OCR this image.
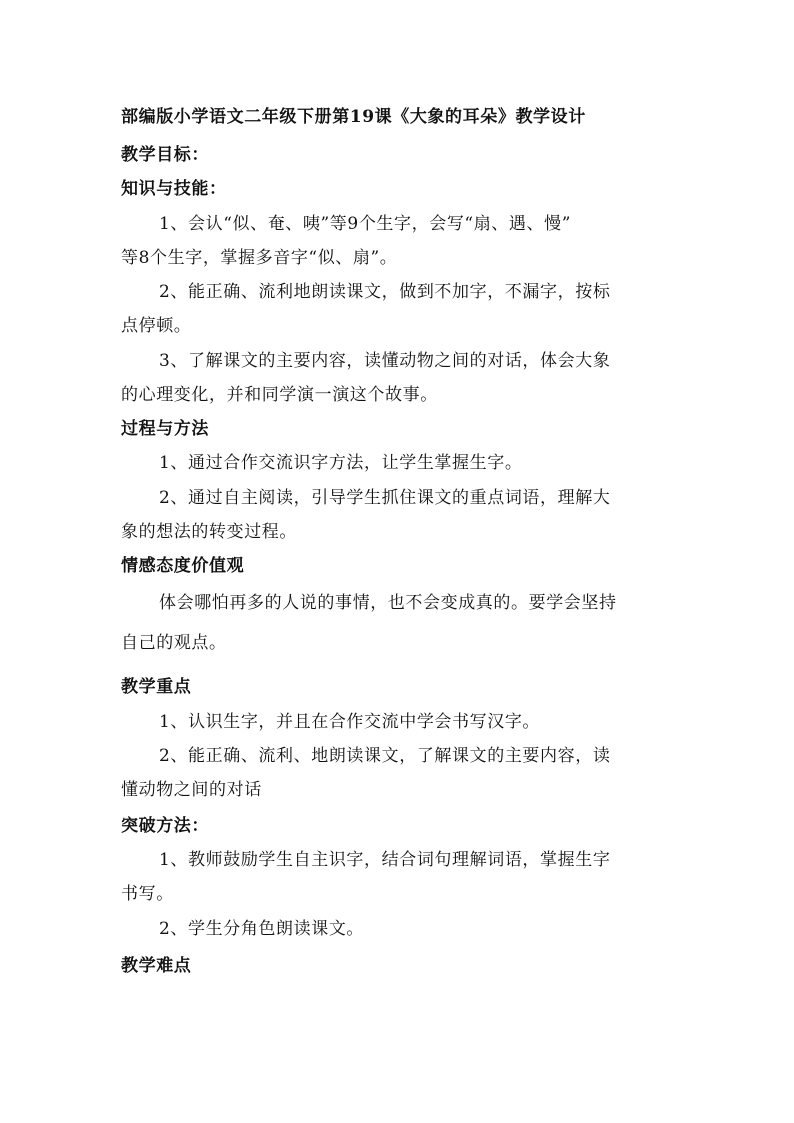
部编版小学语文二年级下册第19课《大象的耳朵》教学设计
教学目标：
知识与技能：
1、会认“似、奄、咦”等9个生字，会写“扇、遇、慢”
等8个生字，掌握多音字“似、扇”。
2、能正确、流利地朗读课文，做到不加字，不漏字，按标
点停顿。
3、了解课文的主要内容，读懂动物之间的对话，体会大象
的心理变化，并和同学演一演这个故事。
过程与方法
1、通过合作交流识字方法，让学生掌握生字。
2、通过自主阅读，引导学生抓住课文的重点词语，理解大
象的想法的转变过程。
情感态度价值观
体会哪怕再多的人说的事情，也不会变成真的。要学会坚持
自己的观点。
教学重点
1、认识生字，并且在合作交流中学会书写汉字。
2、能正确、流利、地朗读课文，了解课文的主要内容，读
懂动物之间的对话
突破方法：
1、教师鼓励学生自主识字，结合词句理解词语，掌握生字
书写。
2、学生分角色朗读课文。
教学难点
